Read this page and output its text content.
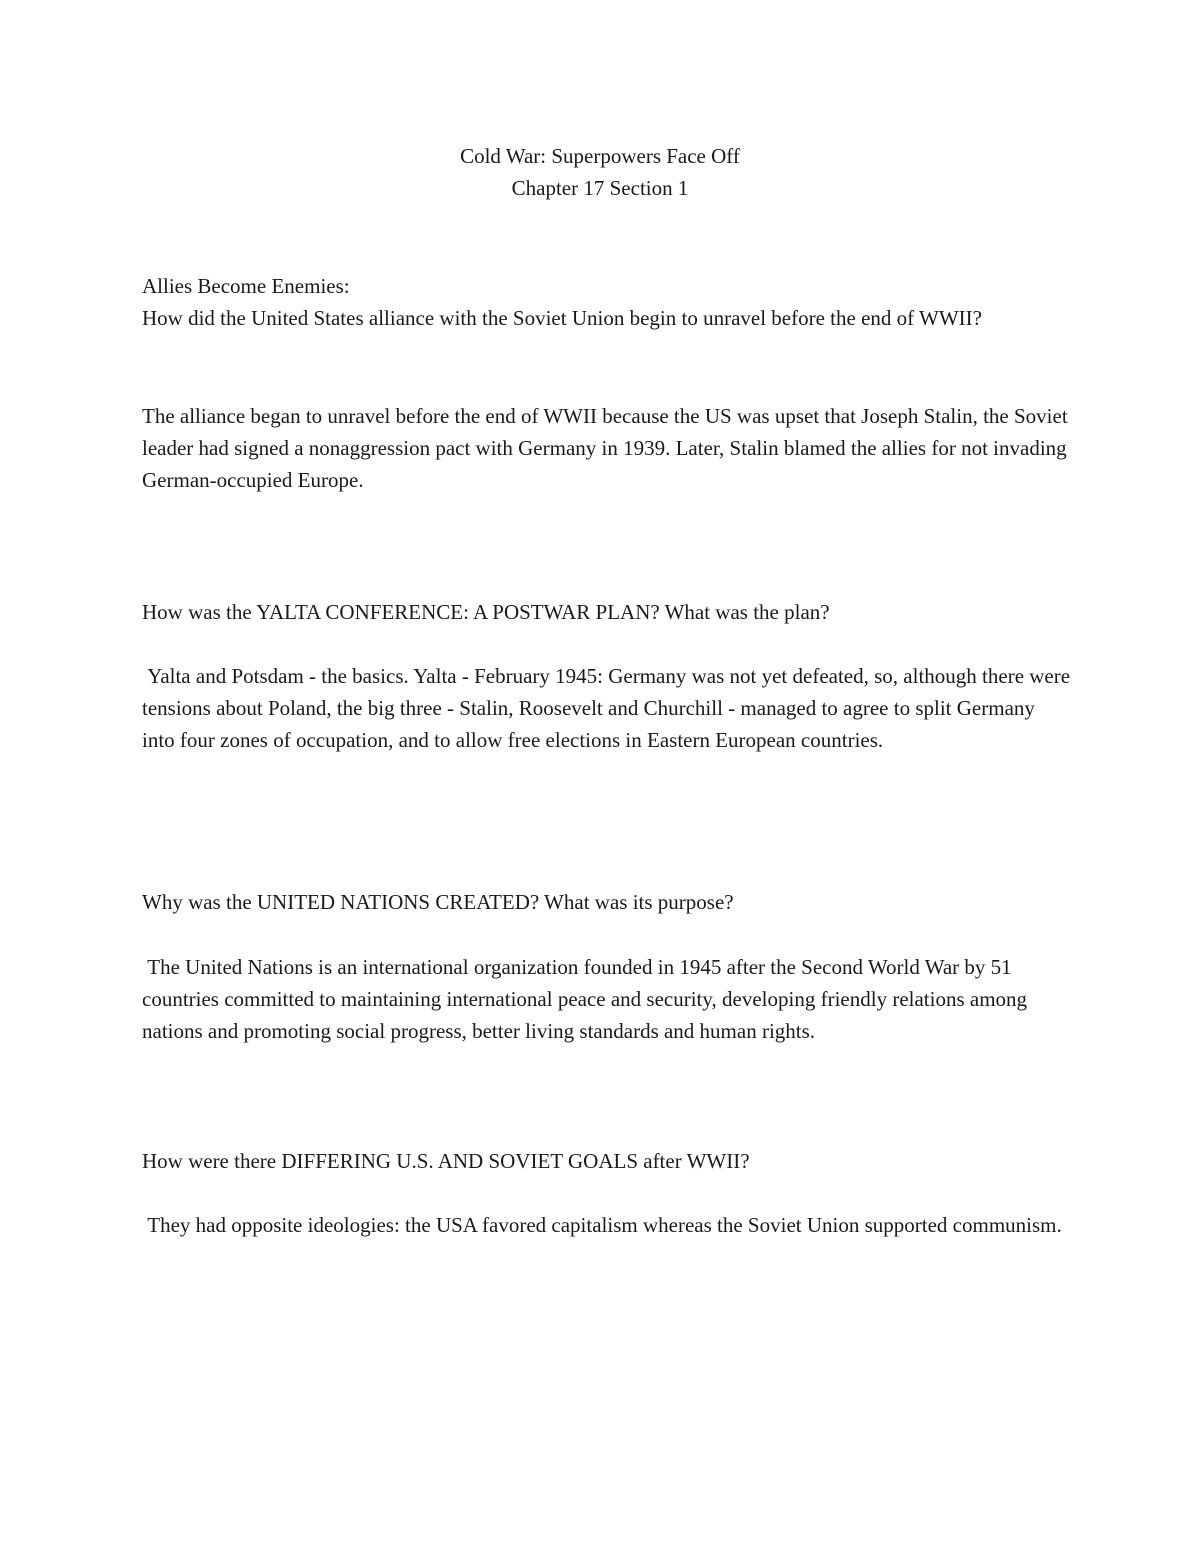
Cold War: Superpowers Face Off
Chapter 17 Section 1

Allies Become Enemies:

How did the United States alliance with the Soviet Union begin to unravel before the end of WWII?

The alliance began to unravel before the end of WWII because the US was upset that Joseph Stalin, the Soviet leader had signed a nonaggression pact with Germany in 1939. Later, Stalin blamed the allies for not invading German-occupied Europe.

How was the YALTA CONFERENCE: A POSTWAR PLAN? What was the plan?

Yalta and Potsdam - the basics. Yalta - February 1945: Germany was not yet defeated, so, although there were tensions about Poland, the big three - Stalin, Roosevelt and Churchill - managed to agree to split Germany into four zones of occupation, and to allow free elections in Eastern European countries.

Why was the UNITED NATIONS CREATED? What was its purpose?

The United Nations is an international organization founded in 1945 after the Second World War by 51 countries committed to maintaining international peace and security, developing friendly relations among nations and promoting social progress, better living standards and human rights.

How were there DIFFERING U.S. AND SOVIET GOALS after WWII?

They had opposite ideologies: the USA favored capitalism whereas the Soviet Union supported communism.
